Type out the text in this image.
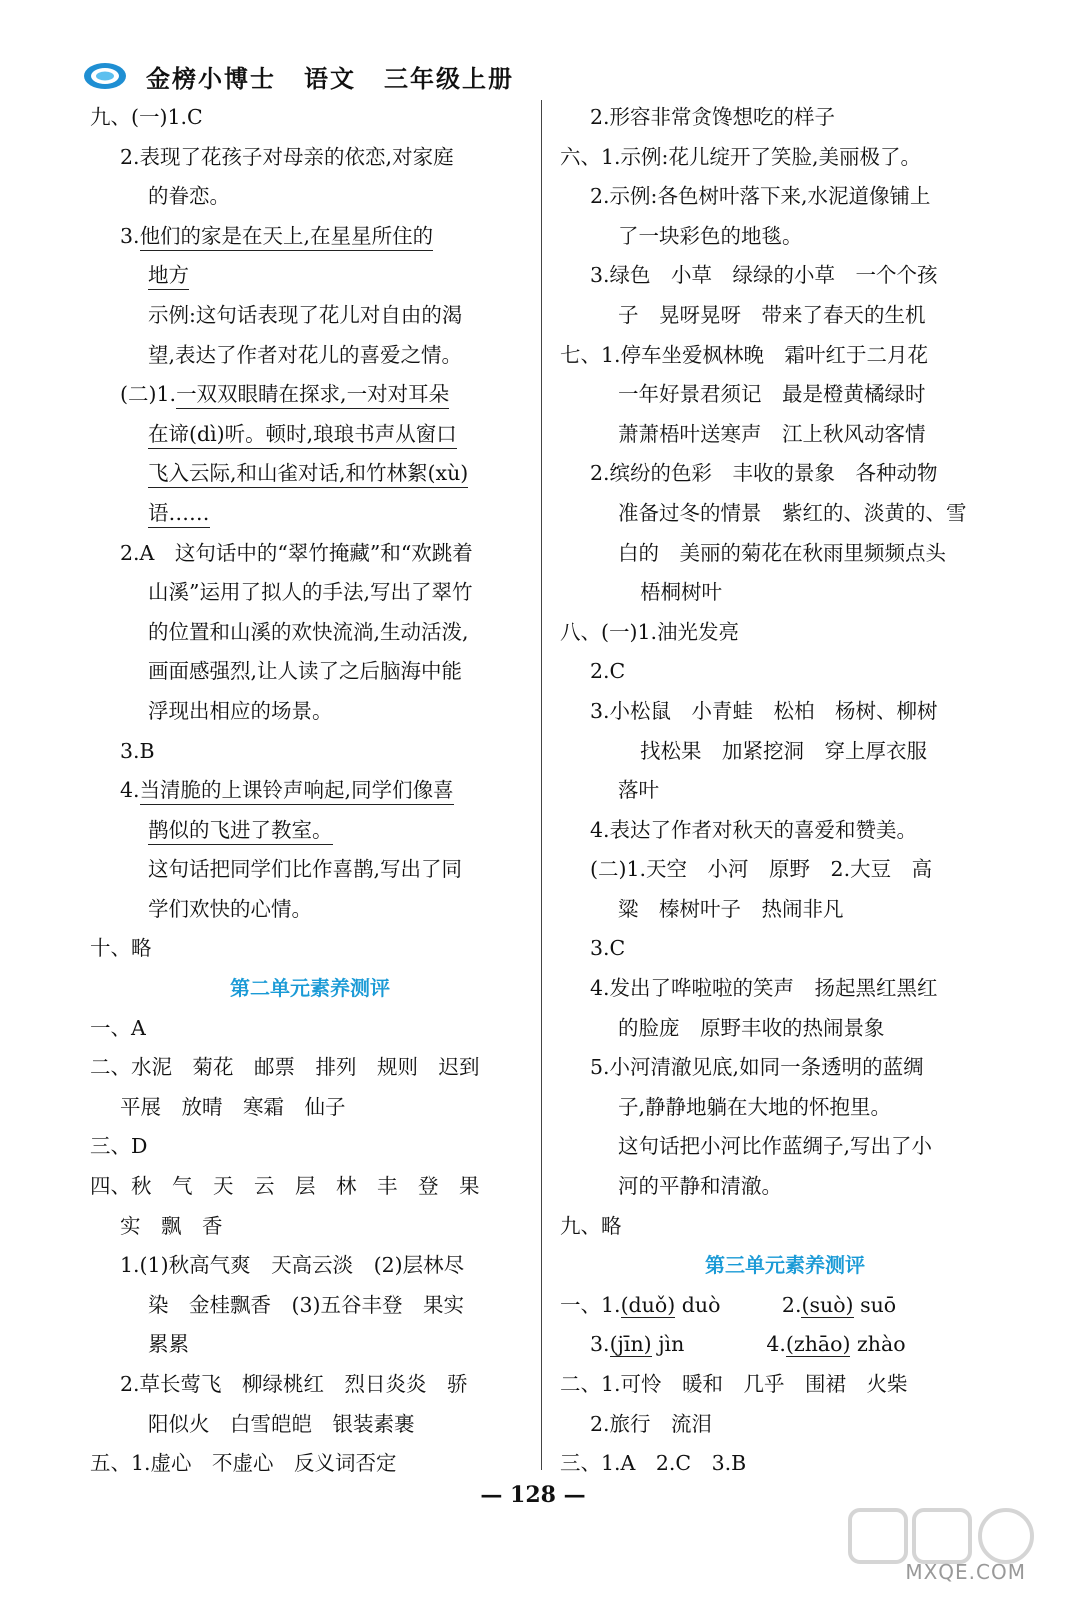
金榜小博士 语文 三年级上册
九、(一)1.C
2.表现了花孩子对母亲的依恋,对家庭
的眷恋。
3.他们的家是在天上,在星星所住的
地方
示例:这句话表现了花儿对自由的渴
望,表达了作者对花儿的喜爱之情。
(二)1.一双双眼睛在探求,一对对耳朵
在谛(dì)听。顿时,琅琅书声从窗口
飞入云际,和山雀对话,和竹林絮(xù)
语……
2.A　这句话中的“翠竹掩藏”和“欢跳着
山溪”运用了拟人的手法,写出了翠竹
的位置和山溪的欢快流淌,生动活泼,
画面感强烈,让人读了之后脑海中能
浮现出相应的场景。
3.B
4.当清脆的上课铃声响起,同学们像喜
鹊似的飞进了教室。
这句话把同学们比作喜鹊,写出了同
学们欢快的心情。
十、略
第二单元素养测评
一、A
二、水泥　菊花　邮票　排列　规则　迟到
平展　放晴　寒霜　仙子
三、D
四、秋　气　天　云　层　林　丰　登　果
实　飘　香
1.(1)秋高气爽　天高云淡　(2)层林尽
染　金桂飘香　(3)五谷丰登　果实
累累
2.草长莺飞　柳绿桃红　烈日炎炎　骄
阳似火　白雪皑皑　银装素裹
五、1.虚心　不虚心　反义词否定
2.形容非常贪馋想吃的样子
六、1.示例:花儿绽开了笑脸,美丽极了。
2.示例:各色树叶落下来,水泥道像铺上
了一块彩色的地毯。
3.绿色　小草　绿绿的小草　一个个孩
子　晃呀晃呀　带来了春天的生机
七、1.停车坐爱枫林晚　霜叶红于二月花
一年好景君须记　最是橙黄橘绿时
萧萧梧叶送寒声　江上秋风动客情
2.缤纷的色彩　丰收的景象　各种动物
准备过冬的情景　紫红的、淡黄的、雪
白的　美丽的菊花在秋雨里频频点头
梧桐树叶
八、(一)1.油光发亮
2.C
3.小松鼠　小青蛙　松柏　杨树、柳树
找松果　加紧挖洞　穿上厚衣服
落叶
4.表达了作者对秋天的喜爱和赞美。
(二)1.天空　小河　原野　2.大豆　高
粱　榛树叶子　热闹非凡
3.C
4.发出了哗啦啦的笑声　扬起黑红黑红
的脸庞　原野丰收的热闹景象
5.小河清澈见底,如同一条透明的蓝绸
子,静静地躺在大地的怀抱里。
这句话把小河比作蓝绸子,写出了小
河的平静和清澈。
九、略
第三单元素养测评
一、1.(duǒ) duò　　　2.(suò) suō
3.(jīn) jìn　　　　4.(zhāo) zhào
二、1.可怜　暖和　几乎　围裙　火柴
2.旅行　流泪
三、1.A　2.C　3.B
— 128 —
MXQE.COM
